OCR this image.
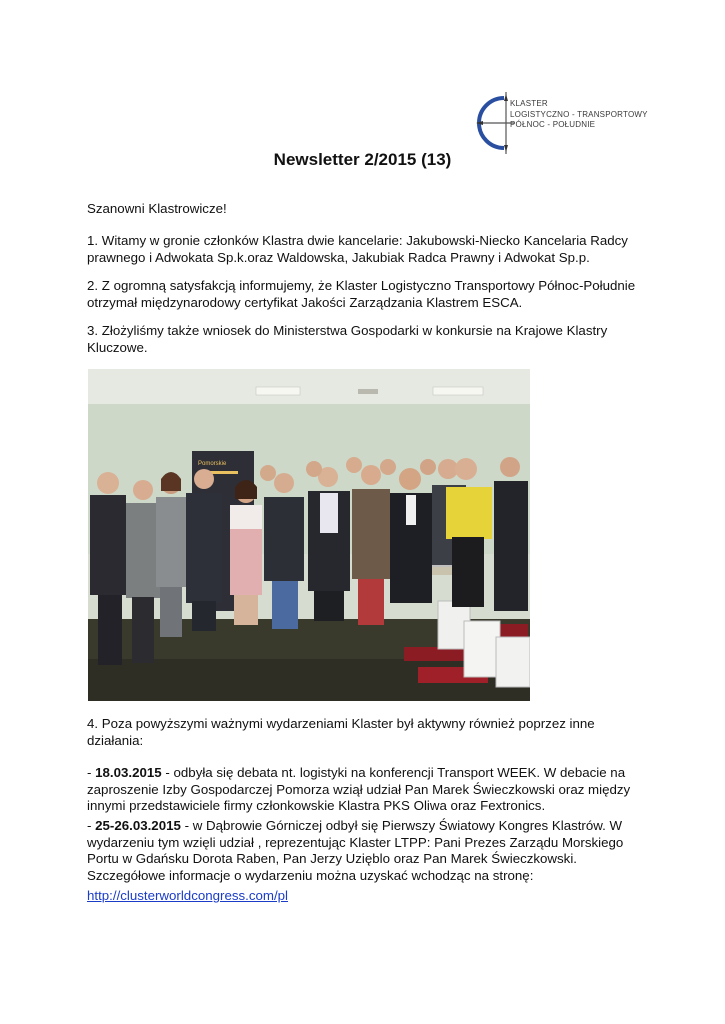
KLASTER
LOGISTYCZNO - TRANSPORTOWY
PÓŁNOC - POŁUDNIE
Newsletter 2/2015 (13)
Szanowni Klastrowicze!
1. Witamy w gronie członków Klastra dwie kancelarie: Jakubowski-Niecko Kancelaria Radcy prawnego i Adwokata Sp.k.oraz Waldowska, Jakubiak Radca Prawny i Adwokat Sp.p.
2. Z ogromną satysfakcją informujemy, że Klaster Logistyczno Transportowy Północ-Południe otrzymał międzynarodowy certyfikat Jakości Zarządzania Klastrem ESCA.
3. Złożyliśmy także wniosek do Ministerstwa Gospodarki w konkursie na Krajowe Klastry Kluczowe.
Pomorskie
4. Poza powyższymi ważnymi wydarzeniami Klaster był aktywny również poprzez inne działania:
- 18.03.2015 - odbyła się debata nt. logistyki na konferencji Transport WEEK. W debacie na zaproszenie Izby Gospodarczej Pomorza wziął udział Pan Marek Świeczkowski oraz między innymi przedstawiciele firmy członkowskie Klastra PKS Oliwa oraz Fextronics.
- 25-26.03.2015 - w Dąbrowie Górniczej odbył się Pierwszy Światowy Kongres Klastrów. W wydarzeniu tym wzięli udział , reprezentując Klaster LTPP: Pani Prezes Zarządu Morskiego Portu w Gdańsku Dorota Raben, Pan Jerzy Uzięblo oraz Pan Marek Świeczkowski. Szczegółowe informacje o wydarzeniu można uzyskać wchodząc na stronę:
http://clusterworldcongress.com/pl
